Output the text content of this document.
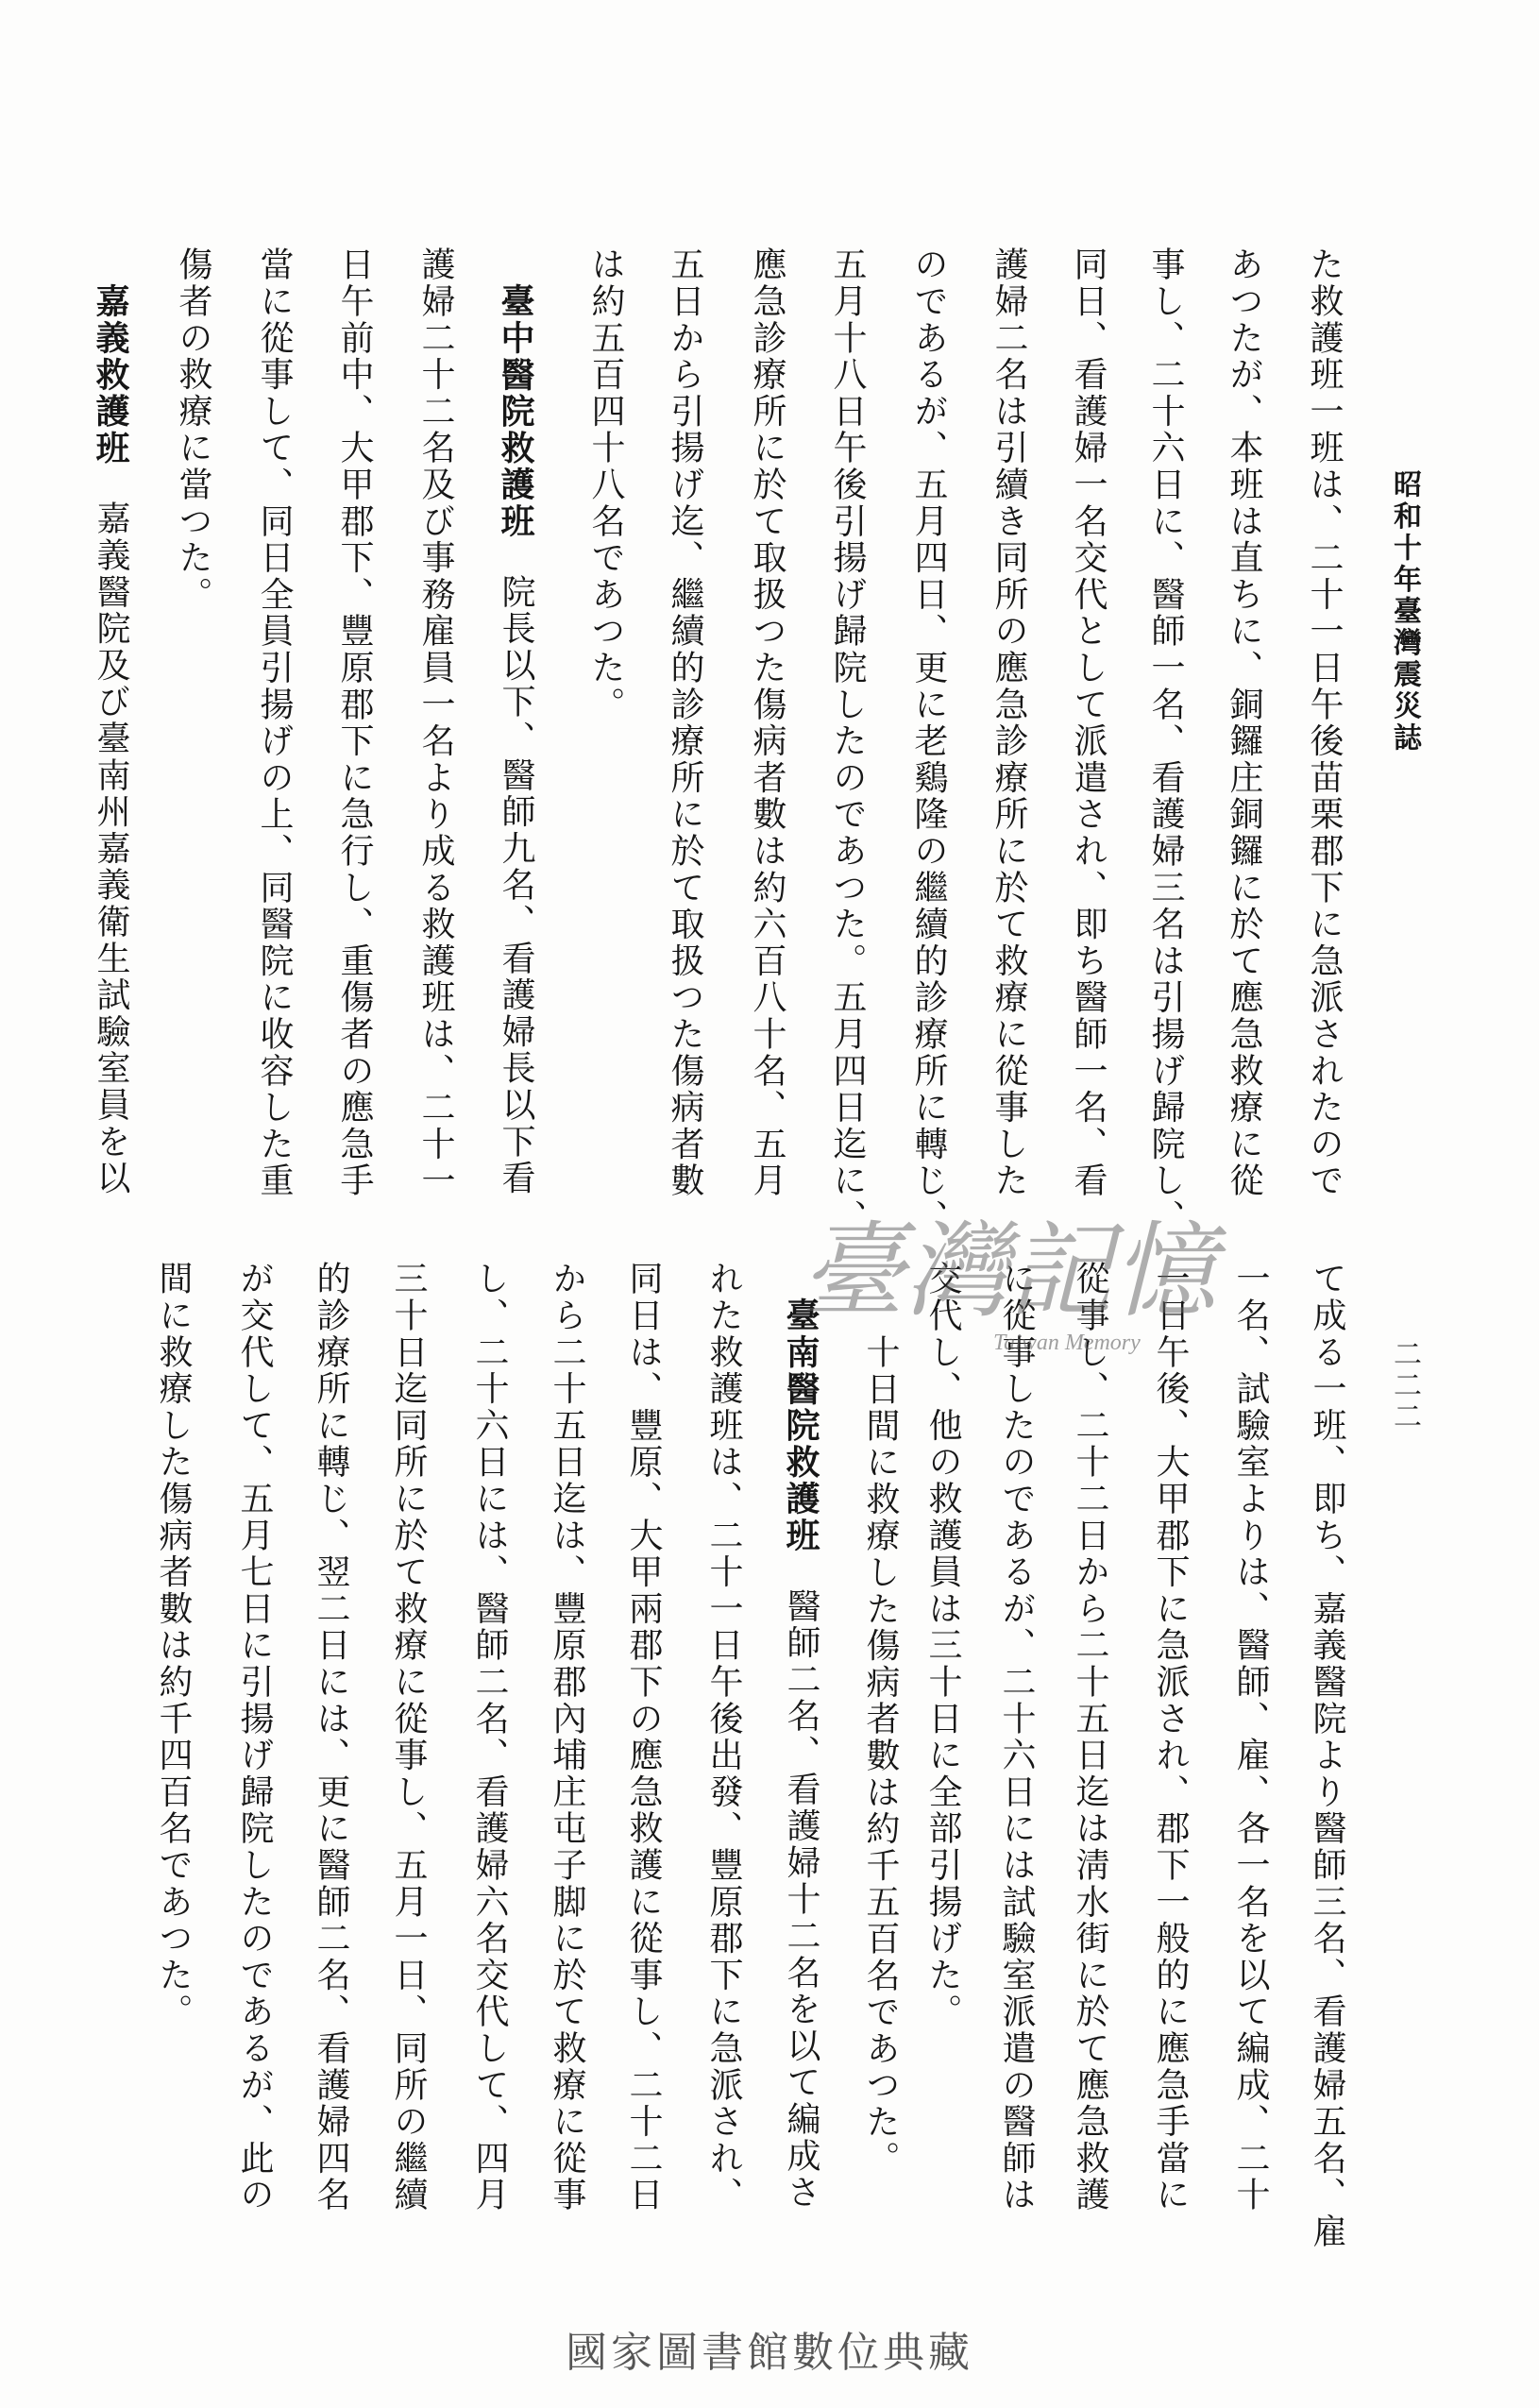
昭和十年臺灣震災誌
二二二
た救護班一班は、二十一日午後苗栗郡下に急派されたので
あつたが、本班は直ちに、銅鑼庄銅鑼に於て應急救療に從
事し、二十六日に、醫師一名、看護婦三名は引揚げ歸院し、
同日、看護婦一名交代として派遣され、即ち醫師一名、看
護婦二名は引續き同所の應急診療所に於て救療に從事した
のであるが、五月四日、更に老鷄隆の繼續的診療所に轉じ、
五月十八日午後引揚げ歸院したのであつた。五月四日迄に、
應急診療所に於て取扱つた傷病者數は約六百八十名、五月
五日から引揚げ迄、繼續的診療所に於て取扱つた傷病者數
は約五百四十八名であつた。
臺中醫院救護班院長以下、醫師九名、看護婦長以下看
護婦二十二名及び事務雇員一名より成る救護班は、二十一
日午前中、大甲郡下、豐原郡下に急行し、重傷者の應急手
當に從事して、同日全員引揚げの上、同醫院に收容した重
傷者の救療に當つた。
嘉義救護班嘉義醫院及び臺南州嘉義衛生試驗室員を以
て成る一班、即ち、嘉義醫院より醫師三名、看護婦五名、雇
一名、試驗室よりは、醫師、雇、各一名を以て編成、二十
一日午後、大甲郡下に急派され、郡下一般的に應急手當に
從事し、二十二日から二十五日迄は淸水街に於て應急救護
に從事したのであるが、二十六日には試驗室派遣の醫師は
交代し、他の救護員は三十日に全部引揚げた。
十日間に救療した傷病者數は約千五百名であつた。
臺南醫院救護班醫師二名、看護婦十二名を以て編成さ
れた救護班は、二十一日午後出發、豐原郡下に急派され、
同日は、豐原、大甲兩郡下の應急救護に從事し、二十二日
から二十五日迄は、豐原郡內埔庄屯子脚に於て救療に從事
し、二十六日には、醫師二名、看護婦六名交代して、四月
三十日迄同所に於て救療に從事し、五月一日、同所の繼續
的診療所に轉じ、翌二日には、更に醫師二名、看護婦四名
が交代して、五月七日に引揚げ歸院したのであるが、此の
間に救療した傷病者數は約千四百名であつた。	臺灣記憶
Taiwan Memory
國家圖書館數位典藏
